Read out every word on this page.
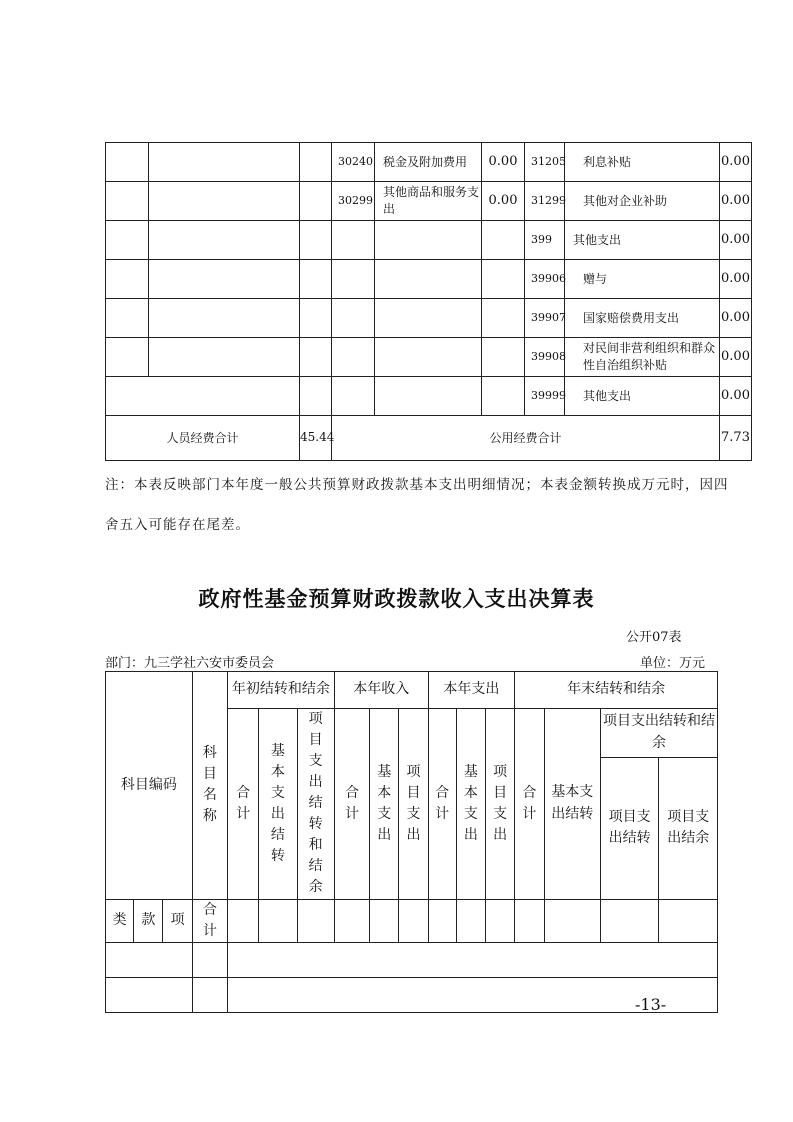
			30240	税金及附加费用	0.00	31205	利息补贴	0.00
			30299	其他商品和服务支出	0.00	31299	其他对企业补助	0.00
						399	其他支出	0.00
						39906	赠与	0.00
						39907	国家赔偿费用支出	0.00
						39908	对民间非营利组织和群众性自治组织补贴	0.00
						39999	其他支出	0.00
人员经费合计		45.44	公用经费合计					7.73
注：本表反映部门本年度一般公共预算财政拨款基本支出明细情况；本表金额转换成万元时，因四
舍五入可能存在尾差。
政府性基金预算财政拨款收入支出决算表
公开07表
部门：九三学社六安市委员会	单位：万元
科目编码			科目名称	年初结转和结余			本年收入			本年支出			年末结转和结余			
				合计	基本支出结转	项目支出结转和结余	合计	基本支出	项目支出	合计	基本支出	项目支出	合计	基本支出结转	项目支出结转和结余	
															项目支出结转	项目支出结余
类	款	项	合计													

-13-
